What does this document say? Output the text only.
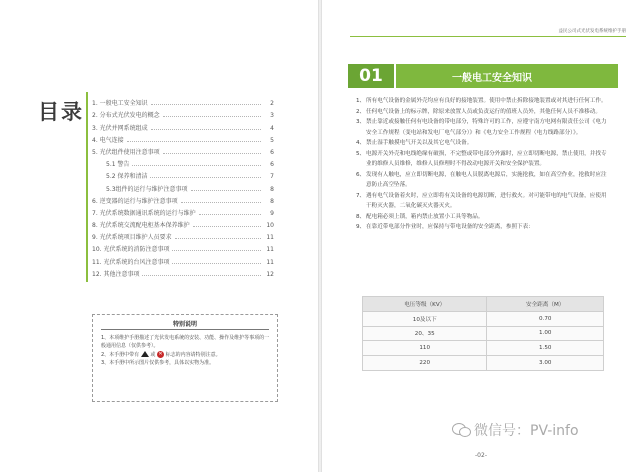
目录 1. 一般电工安全知识	2
2. 分布式光伏发电的概念	3
3. 光伏并网系统组成	4
4. 电气连接	5
5. 光伏组件使用注意事项	6
5.1 警告	6
5.2 保养和清洁	7
5.3组件的运行与维护注意事项	8
6. 逆变器的运行与维护注意事项	8
7. 光伏系统数据通讯系统的运行与维护	9
8. 光伏系统交流配电柜基本保养维护	10
9. 光伏系统项目维护人员要求	11
10. 光伏系统的消防注意事项	11
11. 光伏系统的台风注意事项	11
12. 其他注意事项	12
特别说明

1、本项维护手册描述了光伏发电系统的安装、功能、操作及维护等事项的一般通用信息（仅供参考）。

2、本手册中带有 或 ✕ 标志的内容请特别注意。

3、本手册中所示图片仅供参考，具体以实物为准。

益民公司式光伏发电系统维护手册
01	一般电工安全知识
1、 所有电气设备的金属外壳均应有良好的接地装置。使用中禁止拆除接地装置或对其进行任何工作。
2、 任何电气设备上的标示牌，除原来放置人员或负责运行的值班人员外，其他任何人员不准移动。
3、 禁止靠近或接触任何有电设备的带电部分，特殊许可的工作，应遵守南方电网有限责任公司《电力安全工作规程（变电站和发电厂电气部分）》和《电力安全工作规程（电力线路部分）》。
4、 禁止湿手触摸电气开关以及其它电气设备。
5、 电源开关外壳和电线绝缘有破损，不完整或带电部分外露时，应立即切断电源，禁止使用，并找专业的维修人员维修，维修人员修理时不得改动电源开关和安全保护装置。
6、 发现有人触电，应立即切断电源，在触电人员脱离电源后，实施抢救，如在高空作业，抢救时应注意防止高空坠落。
7、 遇有电气设备着火时，应立即将有关设备的电源切断，进行救火。对可能带电的电气设备，应使用干粉灭火器，二氧化碳灭火器灭火。
8、 配电箱必须上锁，箱内禁止放置小工具等物品。
9、 在靠近带电部分作业时，应保持与带电设备的安全距离，参照下表：
电压等级（KV）	安全距离（M）
10及以下	0.70
20、35	1.00
110	1.50
220	3.00
微信号：PV-info
-02-
